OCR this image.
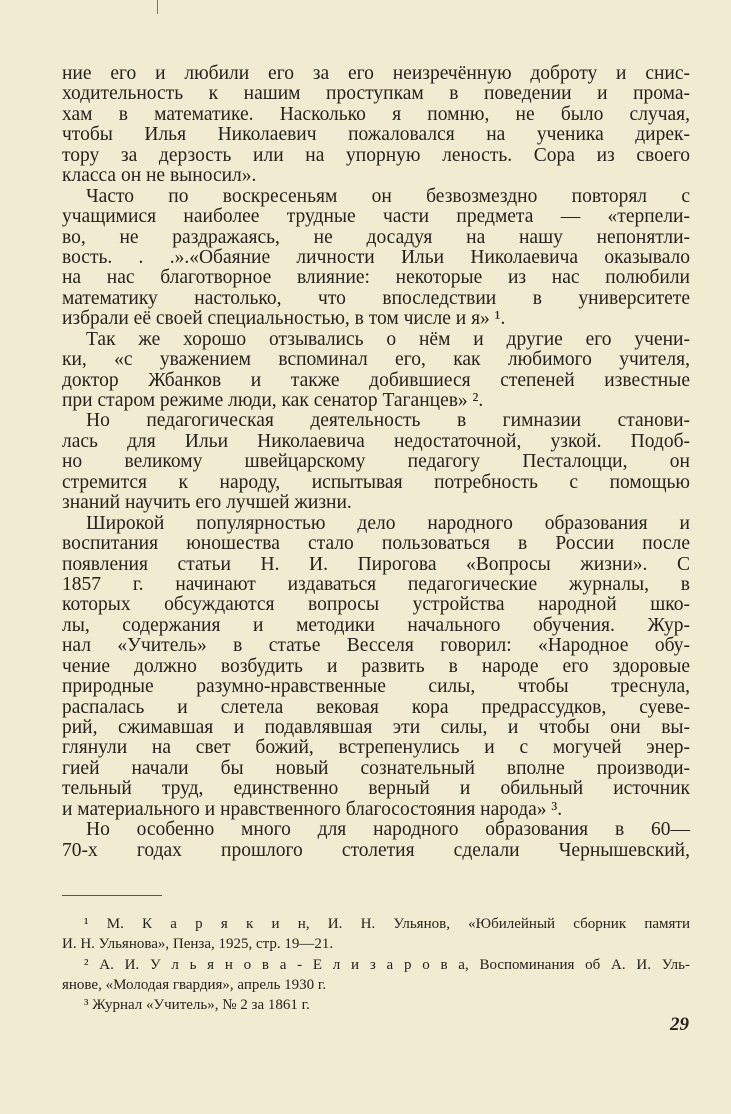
ние его и любили его за его неизречённую доброту и снис-
ходительность к нашим проступкам в поведении и прома-
хам в математике. Насколько я помню, не было случая,
чтобы Илья Николаевич пожаловался на ученика дирек-
тору за дерзость или на упорную леность. Сора из своего
класса он не выносил».
Часто по воскресеньям он безвозмездно повторял с
учащимися наиболее трудные части предмета — «терпели-
во, не раздражаясь, не досадуя на нашу непонятли-
вость. . .».«Обаяние личности Ильи Николаевича оказывало
на нас благотворное влияние: некоторые из нас полюбили
математику настолько, что впоследствии в университете
избрали её своей специальностью, в том числе и я» ¹.
Так же хорошо отзывались о нём и другие его учени-
ки, «с уважением вспоминал его, как любимого учителя,
доктор Жбанков и также добившиеся степеней известные
при старом режиме люди, как сенатор Таганцев» ².
Но педагогическая деятельность в гимназии станови-
лась для Ильи Николаевича недостаточной, узкой. Подоб-
но великому швейцарскому педагогу Песталоцци, он
стремится к народу, испытывая потребность с помощью
знаний научить его лучшей жизни.
Широкой популярностью дело народного образования и
воспитания юношества стало пользоваться в России после
появления статьи Н. И. Пирогова «Вопросы жизни». С
1857 г. начинают издаваться педагогические журналы, в
которых обсуждаются вопросы устройства народной шко-
лы, содержания и методики начального обучения. Жур-
нал «Учитель» в статье Весселя говорил: «Народное обу-
чение должно возбудить и развить в народе его здоровые
природные разумно-нравственные силы, чтобы треснула,
распалась и слетела вековая кора предрассудков, суеве-
рий, сжимавшая и подавлявшая эти силы, и чтобы они вы-
глянули на свет божий, встрепенулись и с могучей энер-
гией начали бы новый сознательный вполне производи-
тельный труд, единственно верный и обильный источник
и материального и нравственного благосостояния народа» ³.
Но особенно много для народного образования в 60—
70-х годах прошлого столетия сделали Чернышевский,
¹ М. К а р я к и н, И. Н. Ульянов, «Юбилейный сборник памяти
И. Н. Ульянова», Пенза, 1925, стр. 19—21.
² А. И. У л ь я н о в а - Е л и з а р о в а, Воспоминания об А. И. Уль-
янове, «Молодая гвардия», апрель 1930 г.
³ Журнал «Учитель», № 2 за 1861 г.
29
